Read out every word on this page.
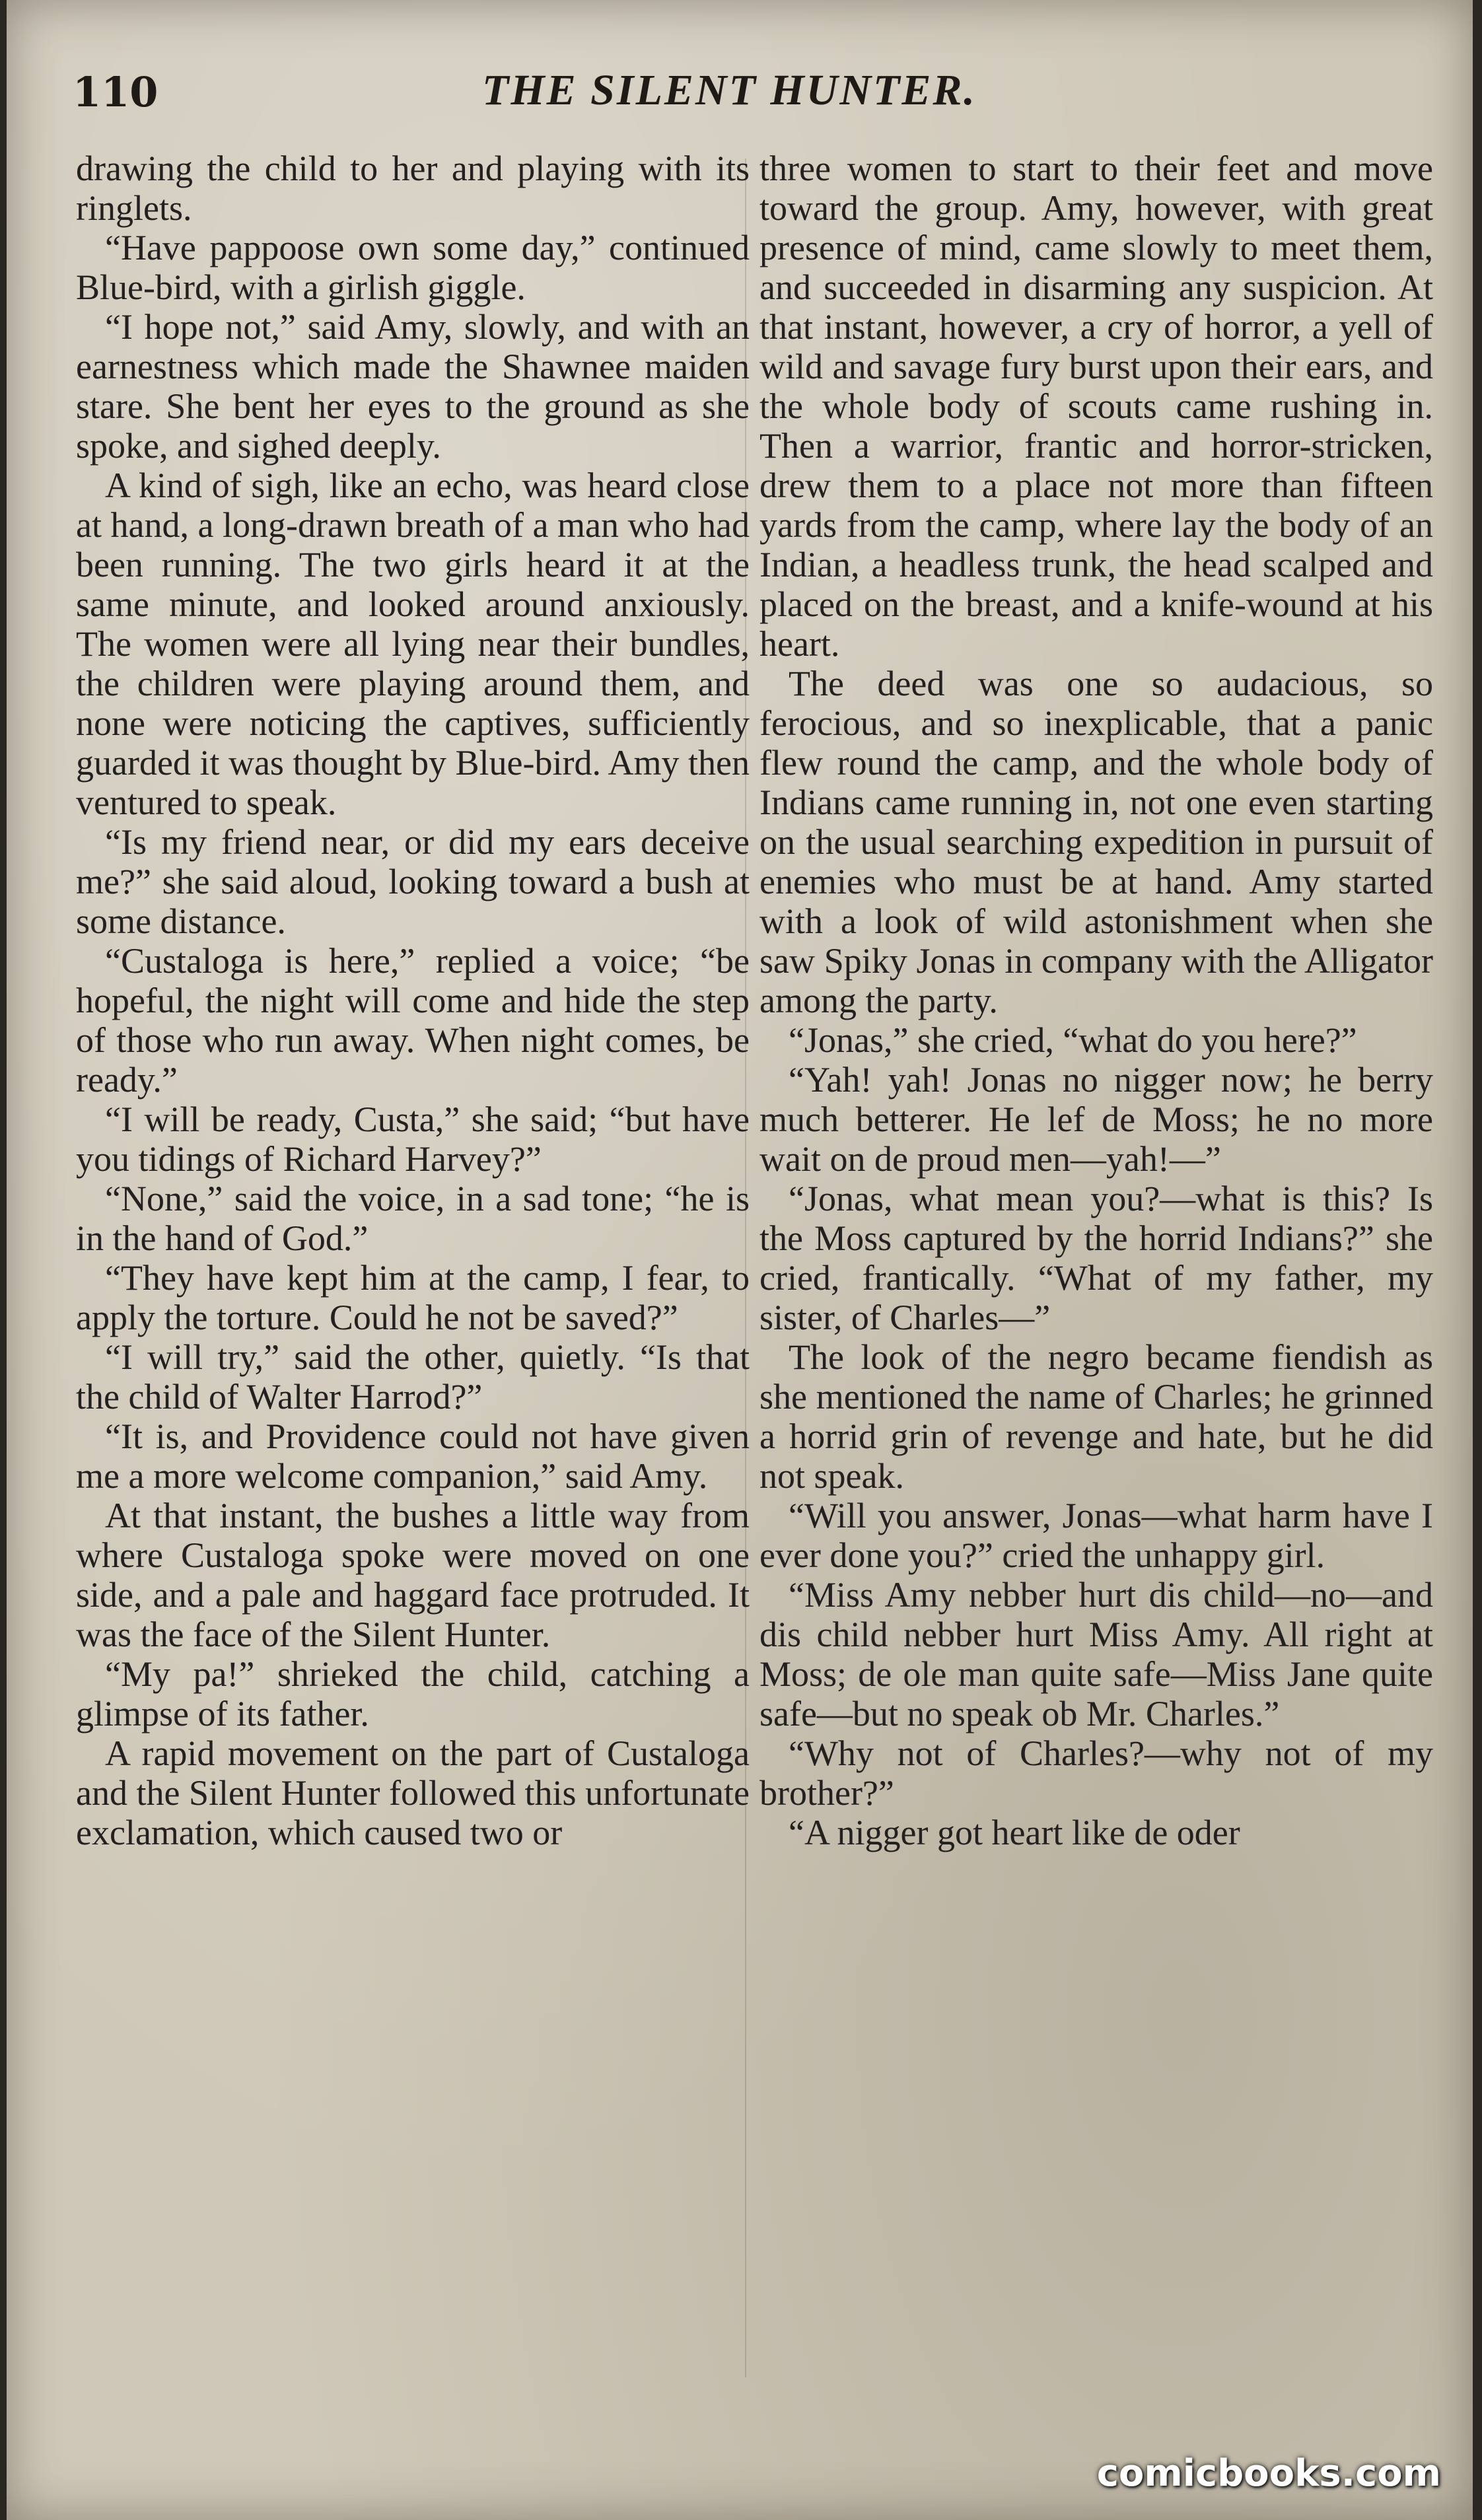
110	THE SILENT HUNTER.

drawing the child to her and playing with its ringlets.

“Have pappoose own some day,” continued Blue-bird, with a girlish giggle.

“I hope not,” said Amy, slowly, and with an earnestness which made the Shawnee maiden stare. She bent her eyes to the ground as she spoke, and sighed deeply.

A kind of sigh, like an echo, was heard close at hand, a long-drawn breath of a man who had been running. The two girls heard it at the same minute, and looked around anxiously. The women were all lying near their bundles, the children were playing around them, and none were noticing the captives, sufficiently guarded it was thought by Blue-bird. Amy then ventured to speak.

“Is my friend near, or did my ears deceive me?” she said aloud, looking toward a bush at some distance.

“Custaloga is here,” replied a voice; “be hopeful, the night will come and hide the step of those who run away. When night comes, be ready.”

“I will be ready, Custa,” she said; “but have you tidings of Richard Harvey?”

“None,” said the voice, in a sad tone; “he is in the hand of God.”

“They have kept him at the camp, I fear, to apply the torture. Could he not be saved?”

“I will try,” said the other, quietly. “Is that the child of Walter Harrod?”

“It is, and Providence could not have given me a more welcome companion,” said Amy.

At that instant, the bushes a little way from where Custaloga spoke were moved on one side, and a pale and haggard face protruded. It was the face of the Silent Hunter.

“My pa!” shrieked the child, catching a glimpse of its father.

A rapid movement on the part of Custaloga and the Silent Hunter followed this unfortunate exclamation, which caused two or

three women to start to their feet and move toward the group. Amy, however, with great presence of mind, came slowly to meet them, and succeeded in disarming any suspicion. At that instant, however, a cry of horror, a yell of wild and savage fury burst upon their ears, and the whole body of scouts came rushing in. Then a warrior, frantic and horror-stricken, drew them to a place not more than fifteen yards from the camp, where lay the body of an Indian, a headless trunk, the head scalped and placed on the breast, and a knife-wound at his heart.

The deed was one so audacious, so ferocious, and so inexplicable, that a panic flew round the camp, and the whole body of Indians came running in, not one even starting on the usual searching expedition in pursuit of enemies who must be at hand. Amy started with a look of wild astonishment when she saw Spiky Jonas in company with the Alligator among the party.

“Jonas,” she cried, “what do you here?”

“Yah! yah! Jonas no nigger now; he berry much betterer. He lef de Moss; he no more wait on de proud men—yah!—”

“Jonas, what mean you?—what is this? Is the Moss captured by the horrid Indians?” she cried, frantically. “What of my father, my sister, of Charles—”

The look of the negro became fiendish as she mentioned the name of Charles; he grinned a horrid grin of revenge and hate, but he did not speak.

“Will you answer, Jonas—what harm have I ever done you?” cried the unhappy girl.

“Miss Amy nebber hurt dis child—no—and dis child nebber hurt Miss Amy. All right at Moss; de ole man quite safe—Miss Jane quite safe—but no speak ob Mr. Charles.”

“Why not of Charles?—why not of my brother?”

“A nigger got heart like de oder

comicbooks.com
